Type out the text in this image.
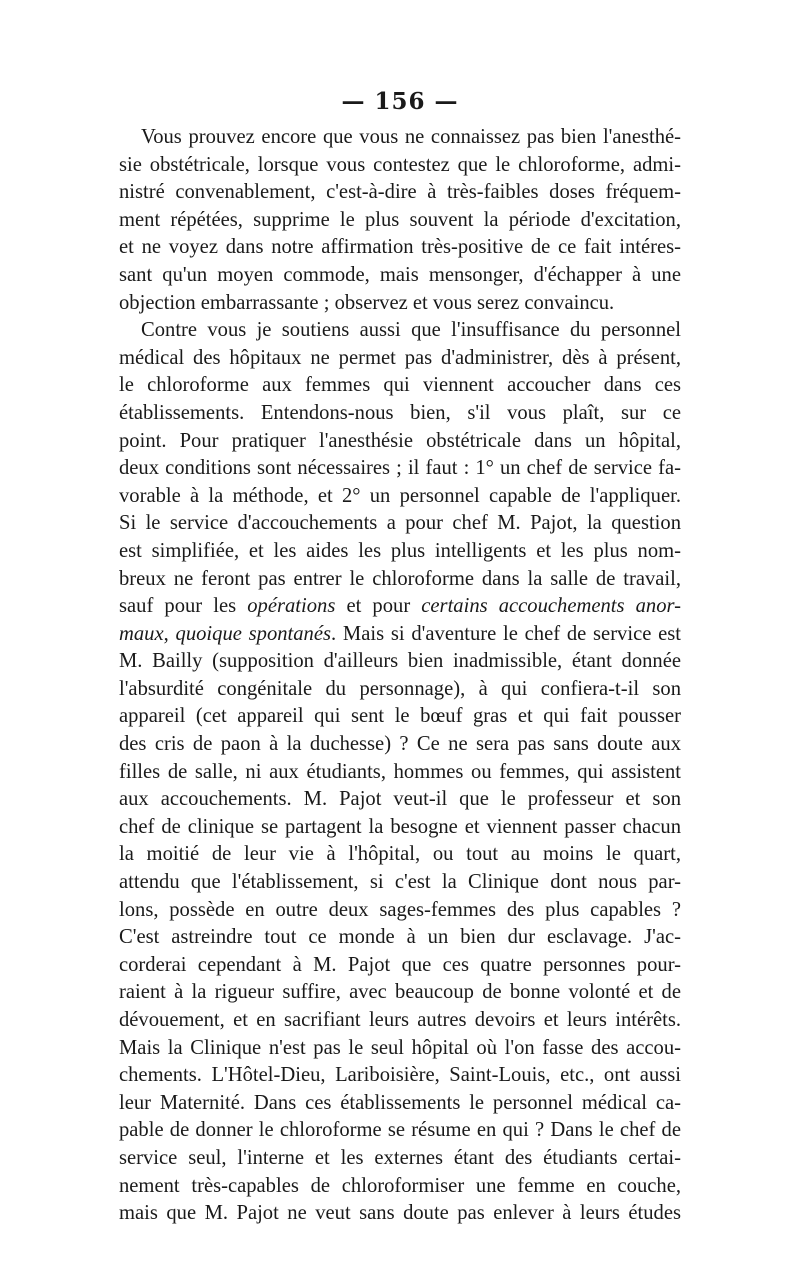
— 156 —
Vous prouvez encore que vous ne connaissez pas bien l'anesthé-
sie obstétricale, lorsque vous contestez que le chloroforme, admi-
nistré convenablement, c'est-à-dire à très-faibles doses fréquem-
ment répétées, supprime le plus souvent la période d'excitation,
et ne voyez dans notre affirmation très-positive de ce fait intéres-
sant qu'un moyen commode, mais mensonger, d'échapper à une
objection embarrassante ; observez et vous serez convaincu.
Contre vous je soutiens aussi que l'insuffisance du personnel
médical des hôpitaux ne permet pas d'administrer, dès à présent,
le chloroforme aux femmes qui viennent accoucher dans ces
établissements. Entendons-nous bien, s'il vous plaît, sur ce
point. Pour pratiquer l'anesthésie obstétricale dans un hôpital,
deux conditions sont nécessaires ; il faut : 1° un chef de service fa-
vorable à la méthode, et 2° un personnel capable de l'appliquer.
Si le service d'accouchements a pour chef M. Pajot, la question
est simplifiée, et les aides les plus intelligents et les plus nom-
breux ne feront pas entrer le chloroforme dans la salle de travail,
sauf pour les opérations et pour certains accouchements anor-
maux, quoique spontanés. Mais si d'aventure le chef de service est
M. Bailly (supposition d'ailleurs bien inadmissible, étant donnée
l'absurdité congénitale du personnage), à qui confiera-t-il son
appareil (cet appareil qui sent le bœuf gras et qui fait pousser
des cris de paon à la duchesse) ? Ce ne sera pas sans doute aux
filles de salle, ni aux étudiants, hommes ou femmes, qui assistent
aux accouchements. M. Pajot veut-il que le professeur et son
chef de clinique se partagent la besogne et viennent passer chacun
la moitié de leur vie à l'hôpital, ou tout au moins le quart,
attendu que l'établissement, si c'est la Clinique dont nous par-
lons, possède en outre deux sages-femmes des plus capables ?
C'est astreindre tout ce monde à un bien dur esclavage. J'ac-
corderai cependant à M. Pajot que ces quatre personnes pour-
raient à la rigueur suffire, avec beaucoup de bonne volonté et de
dévouement, et en sacrifiant leurs autres devoirs et leurs intérêts.
Mais la Clinique n'est pas le seul hôpital où l'on fasse des accou-
chements. L'Hôtel-Dieu, Lariboisière, Saint-Louis, etc., ont aussi
leur Maternité. Dans ces établissements le personnel médical ca-
pable de donner le chloroforme se résume en qui ? Dans le chef de
service seul, l'interne et les externes étant des étudiants certai-
nement très-capables de chloroformiser une femme en couche,
mais que M. Pajot ne veut sans doute pas enlever à leurs études
